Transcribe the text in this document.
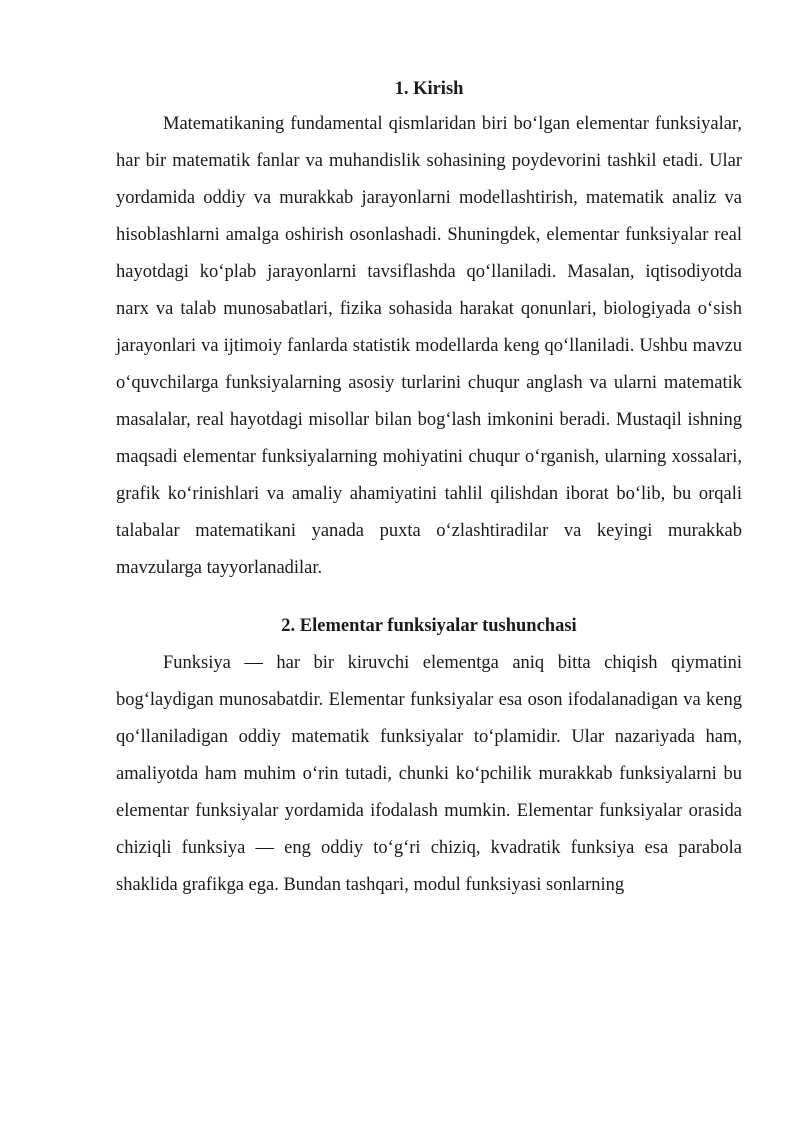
1. Kirish

Matematikaning fundamental qismlaridan biri bo‘lgan elementar funksiyalar, har bir matematik fanlar va muhandislik sohasining poydevorini tashkil etadi. Ular yordamida oddiy va murakkab jarayonlarni modellashtirish, matematik analiz va hisoblashlarni amalga oshirish osonlashadi. Shuningdek, elementar funksiyalar real hayotdagi ko‘plab jarayonlarni tavsiflashda qo‘llaniladi. Masalan, iqtisodiyotda narx va talab munosabatlari, fizika sohasida harakat qonunlari, biologiyada o‘sish jarayonlari va ijtimoiy fanlarda statistik modellarda keng qo‘llaniladi. Ushbu mavzu o‘quvchilarga funksiyalarning asosiy turlarini chuqur anglash va ularni matematik masalalar, real hayotdagi misollar bilan bog‘lash imkonini beradi. Mustaqil ishning maqsadi elementar funksiyalarning mohiyatini chuqur o‘rganish, ularning xossalari, grafik ko‘rinishlari va amaliy ahamiyatini tahlil qilishdan iborat bo‘lib, bu orqali talabalar matematikani yanada puxta o‘zlashtiradilar va keyingi murakkab mavzularga tayyorlanadilar.

2. Elementar funksiyalar tushunchasi

Funksiya — har bir kiruvchi elementga aniq bitta chiqish qiymatini bog‘laydigan munosabatdir. Elementar funksiyalar esa oson ifodalanadigan va keng qo‘llaniladigan oddiy matematik funksiyalar to‘plamidir. Ular nazariyada ham, amaliyotda ham muhim o‘rin tutadi, chunki ko‘pchilik murakkab funksiyalarni bu elementar funksiyalar yordamida ifodalash mumkin. Elementar funksiyalar orasida chiziqli funksiya — eng oddiy to‘g‘ri chiziq, kvadratik funksiya esa parabola shaklida grafikga ega. Bundan tashqari, modul funksiyasi sonlarning
